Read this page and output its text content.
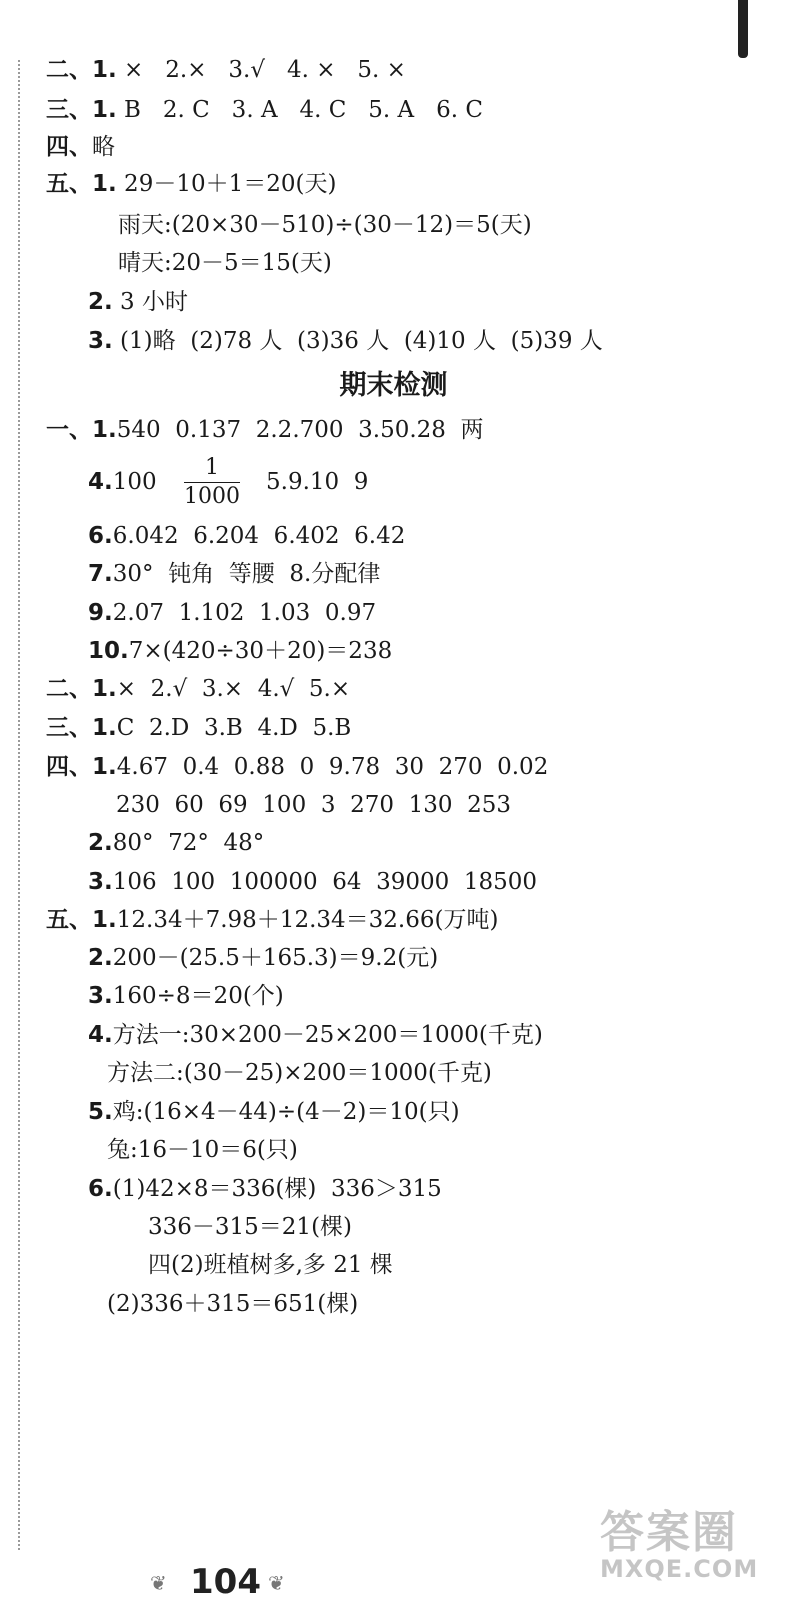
二、1. ×   2.×   3.√   4. ×   5. ×
三、1. B   2. C   3. A   4. C   5. A   6. C
四、略
五、1. 29－10＋1＝20(天)
雨天:(20×30－510)÷(30－12)＝5(天)
晴天:20－5＝15(天)
2. 3 小时
3. (1)略  (2)78 人  (3)36 人  (4)10 人  (5)39 人
期末检测
一、1.540  0.137  2.2.700  3.50.28  两
4.100
1
1000
5.9.10  9
6.6.042  6.204  6.402  6.42
7.30°  钝角  等腰  8.分配律
9.2.07  1.102  1.03  0.97
10.7×(420÷30＋20)＝238
二、1.×  2.√  3.×  4.√  5.×
三、1.C  2.D  3.B  4.D  5.B
四、1.4.67  0.4  0.88  0  9.78  30  270  0.02
230  60  69  100  3  270  130  253
2.80°  72°  48°
3.106  100  100000  64  39000  18500
五、1.12.34＋7.98＋12.34＝32.66(万吨)
2.200－(25.5＋165.3)＝9.2(元)
3.160÷8＝20(个)
4.方法一:30×200－25×200＝1000(千克)
方法二:(30－25)×200＝1000(千克)
5.鸡:(16×4－44)÷(4－2)＝10(只)
兔:16－10＝6(只)
6.(1)42×8＝336(棵)  336＞315
336－315＝21(棵)
四(2)班植树多,多 21 棵
(2)336＋315＝651(棵)
❦ 104 ❦
答案圈
MXQE.COM
